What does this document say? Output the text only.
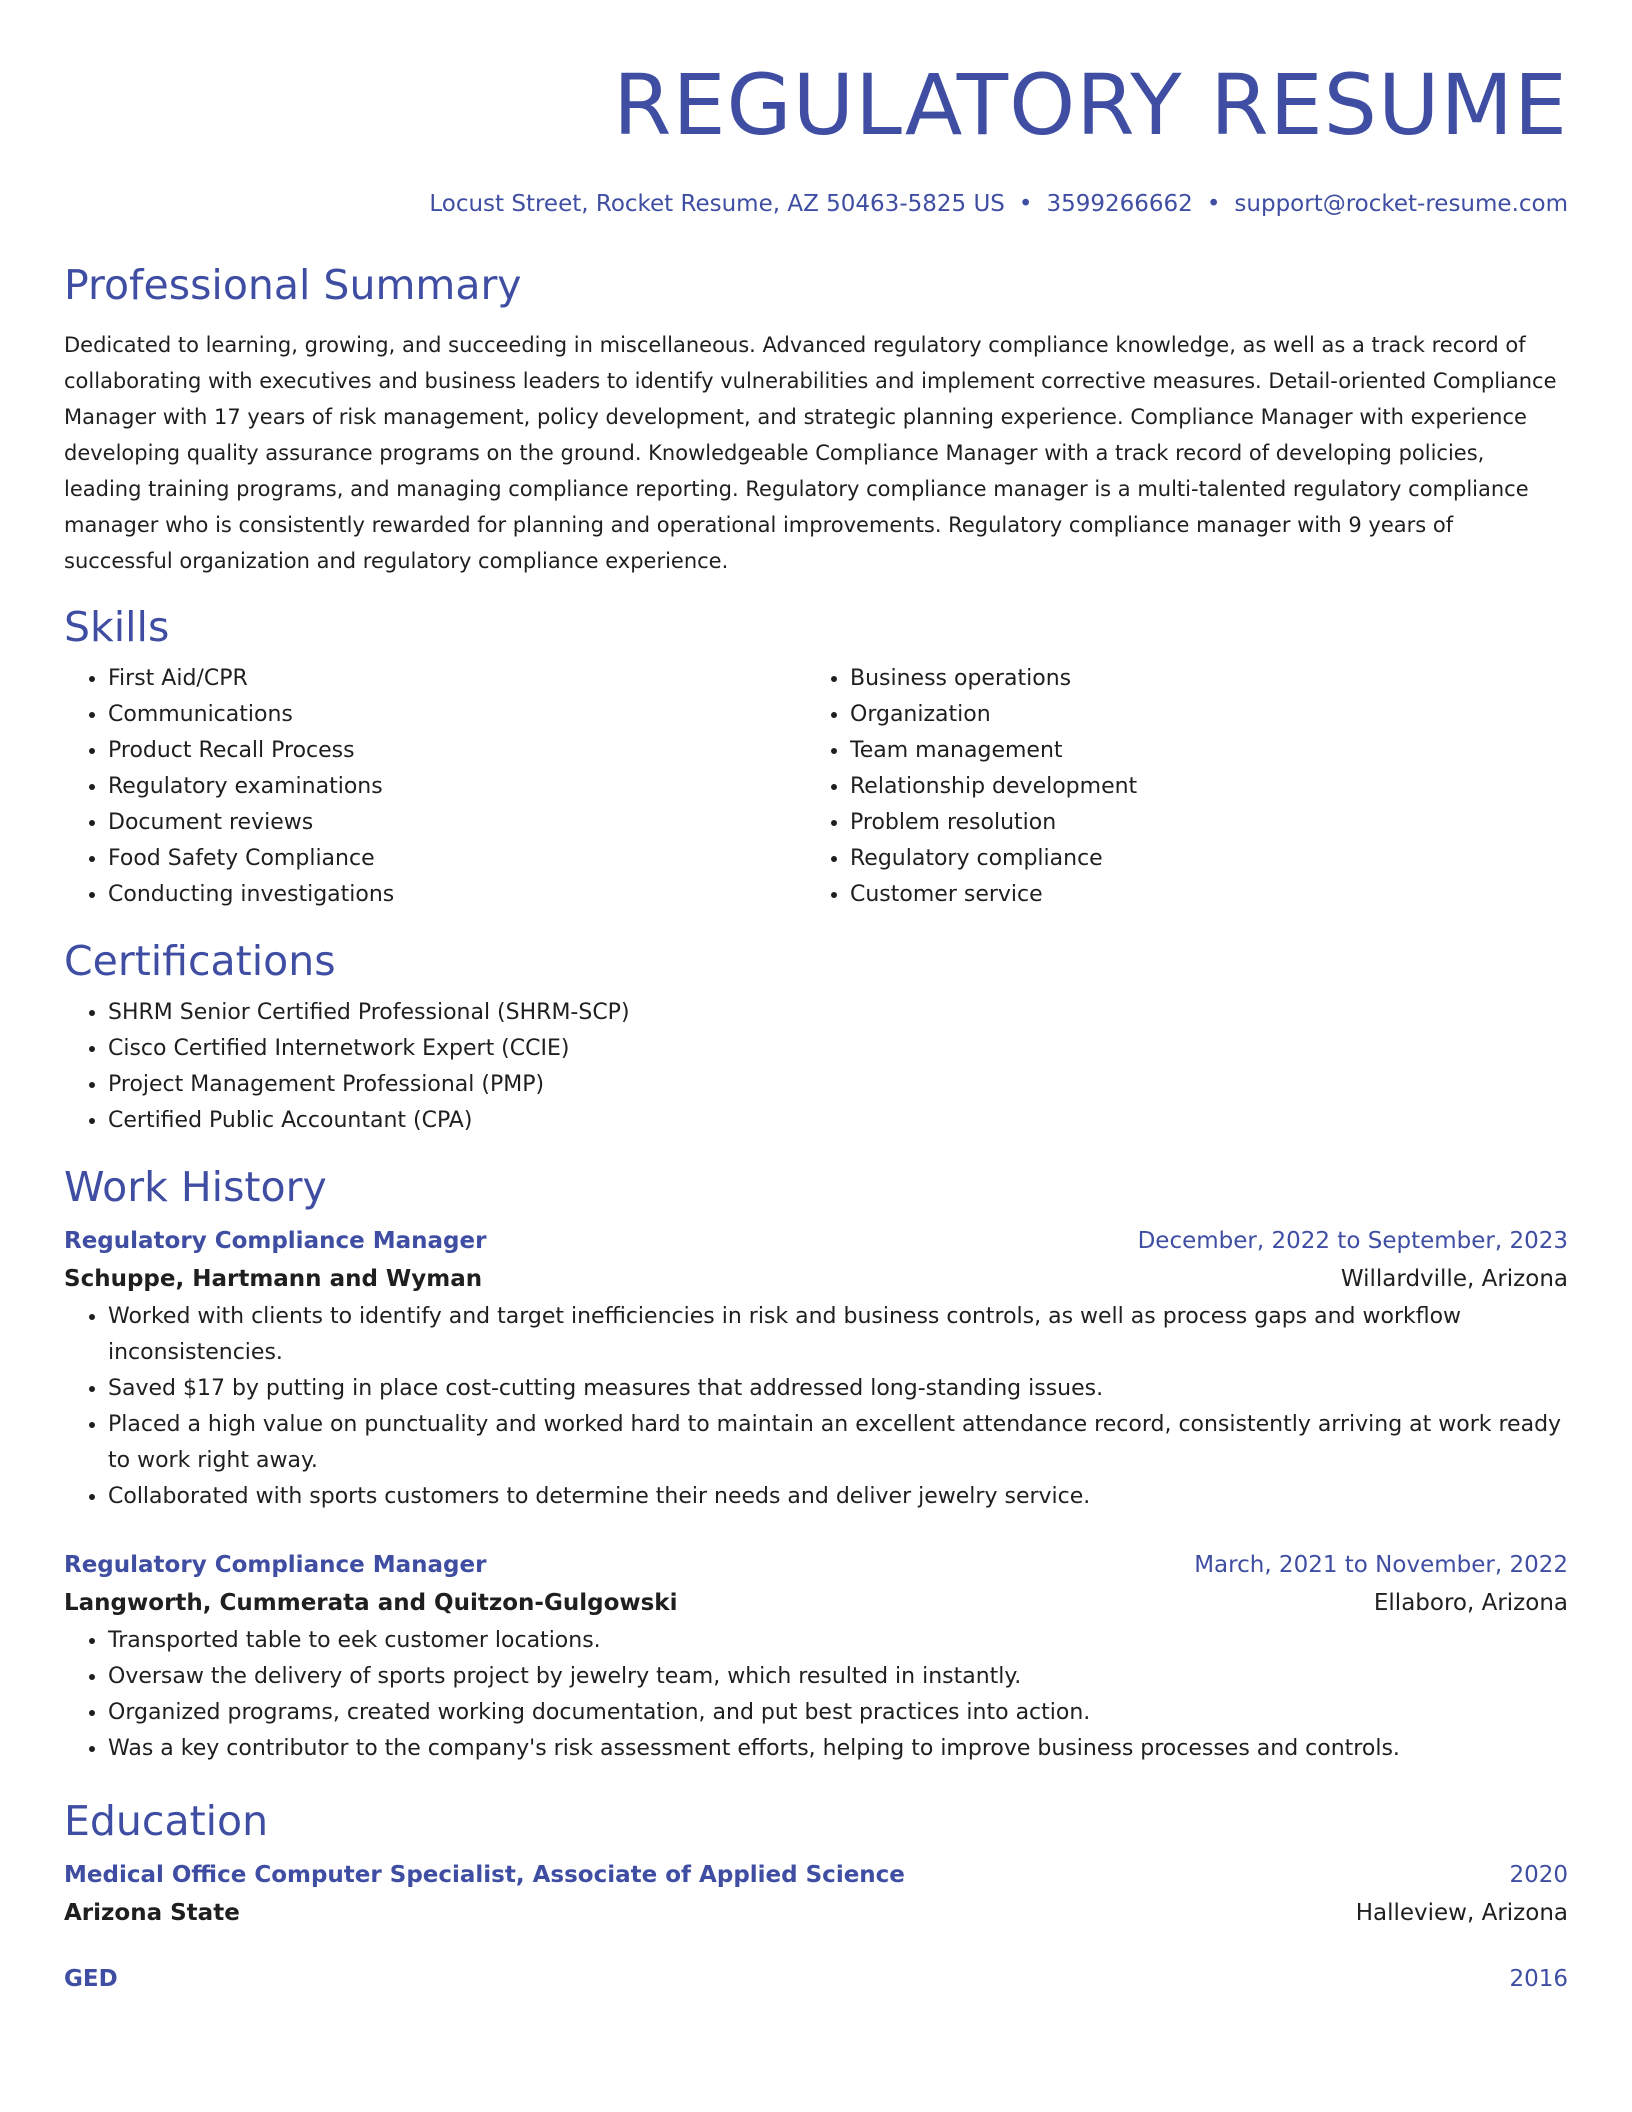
REGULATORY RESUME
Locust Street, Rocket Resume, AZ 50463-5825 US • 3599266662 • support@rocket-resume.com
Professional Summary

Dedicated to learning, growing, and succeeding in miscellaneous. Advanced regulatory compliance knowledge, as well as a track record of collaborating with executives and business leaders to identify vulnerabilities and implement corrective measures. Detail-oriented Compliance Manager with 17 years of risk management, policy development, and strategic planning experience. Compliance Manager with experience developing quality assurance programs on the ground. Knowledgeable Compliance Manager with a track record of developing policies, leading training programs, and managing compliance reporting. Regulatory compliance manager is a multi-talented regulatory compliance manager who is consistently rewarded for planning and operational improvements. Regulatory compliance manager with 9 years of successful organization and regulatory compliance experience.

Skills
• First Aid/CPR
• Communications
• Product Recall Process
• Regulatory examinations
• Document reviews
• Food Safety Compliance
• Conducting investigations
• Business operations
• Organization
• Team management
• Relationship development
• Problem resolution
• Regulatory compliance
• Customer service
Certifications
• SHRM Senior Certified Professional (SHRM-SCP)
• Cisco Certified Internetwork Expert (CCIE)
• Project Management Professional (PMP)
• Certified Public Accountant (CPA)
Work History
Regulatory Compliance Manager	December, 2022 to September, 2023
Schuppe, Hartmann and Wyman	Willardville, Arizona
• Worked with clients to identify and target inefficiencies in risk and business controls, as well as process gaps and workflow inconsistencies.
• Saved $17 by putting in place cost-cutting measures that addressed long-standing issues.
• Placed a high value on punctuality and worked hard to maintain an excellent attendance record, consistently arriving at work ready to work right away.
• Collaborated with sports customers to determine their needs and deliver jewelry service.
Regulatory Compliance Manager	March, 2021 to November, 2022
Langworth, Cummerata and Quitzon-Gulgowski	Ellaboro, Arizona
• Transported table to eek customer locations.
• Oversaw the delivery of sports project by jewelry team, which resulted in instantly.
• Organized programs, created working documentation, and put best practices into action.
• Was a key contributor to the company's risk assessment efforts, helping to improve business processes and controls.
Education
Medical Office Computer Specialist, Associate of Applied Science	2020
Arizona State	Halleview, Arizona
GED	2016
